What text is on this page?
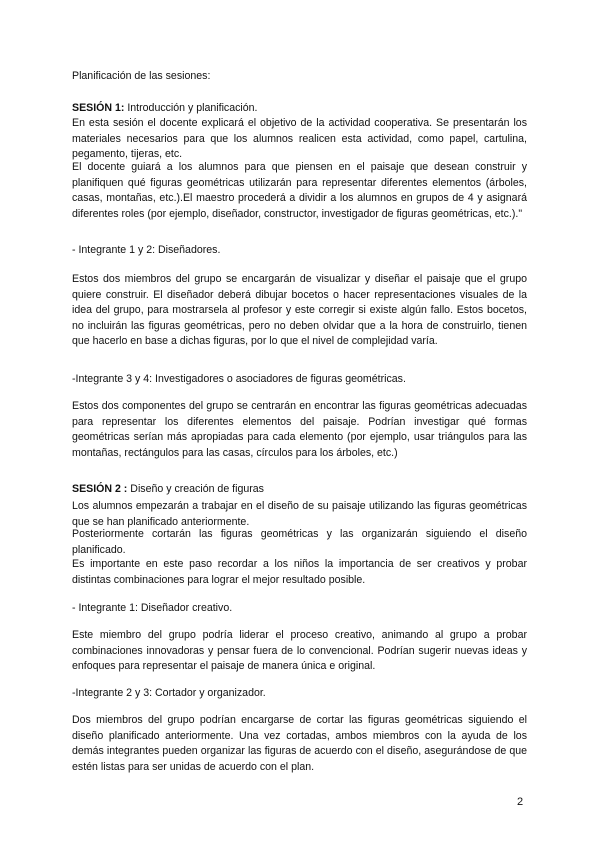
Planificación de las sesiones:
SESIÓN 1: Introducción y planificación.
En esta sesión el docente explicará el objetivo de la actividad cooperativa. Se presentarán los materiales necesarios para que los alumnos realicen esta actividad, como papel, cartulina, pegamento, tijeras, etc.
El docente guiará a los alumnos para que piensen en el paisaje que desean construir y planifiquen qué figuras geométricas utilizarán para representar diferentes elementos (árboles, casas, montañas, etc.).El maestro procederá a dividir a los alumnos en grupos de 4 y asignará diferentes roles (por ejemplo, diseñador, constructor, investigador de figuras geométricas, etc.)."
- Integrante 1 y 2: Diseñadores.
Estos dos miembros del grupo se encargarán de visualizar y diseñar el paisaje que el grupo quiere construir. El diseñador deberá dibujar bocetos o hacer representaciones visuales de la idea del grupo, para mostrarsela al profesor y este corregir si existe algún fallo. Estos bocetos, no incluirán las figuras geométricas, pero no deben olvidar que a la hora de construirlo, tienen que hacerlo en base a dichas figuras, por lo que el nivel de complejidad varía.
-Integrante 3 y 4: Investigadores o asociadores de figuras geométricas.
Estos dos componentes del grupo se centrarán en encontrar las figuras geométricas adecuadas para representar los diferentes elementos del paisaje. Podrían investigar qué formas geométricas serían más apropiadas para cada elemento (por ejemplo, usar triángulos para las montañas, rectángulos para las casas, círculos para los árboles, etc.)
SESIÓN 2 : Diseño y creación de figuras
Los alumnos empezarán a trabajar en el diseño de su paisaje utilizando las figuras geométricas que se han planificado anteriormente.
Posteriormente cortarán las figuras geométricas y las organizarán siguiendo el diseño planificado.
Es importante en este paso recordar a los niños la importancia de ser creativos y probar distintas combinaciones para lograr el mejor resultado posible.
- Integrante 1: Diseñador creativo.
Este miembro del grupo podría liderar el proceso creativo, animando al grupo a probar combinaciones innovadoras y pensar fuera de lo convencional. Podrían sugerir nuevas ideas y enfoques para representar el paisaje de manera única e original.
-Integrante 2 y 3: Cortador y organizador.
Dos miembros del grupo podrían encargarse de cortar las figuras geométricas siguiendo el diseño planificado anteriormente. Una vez cortadas, ambos miembros con la ayuda de los demás integrantes pueden organizar las figuras de acuerdo con el diseño, asegurándose de que estén listas para ser unidas de acuerdo con el plan.
2
